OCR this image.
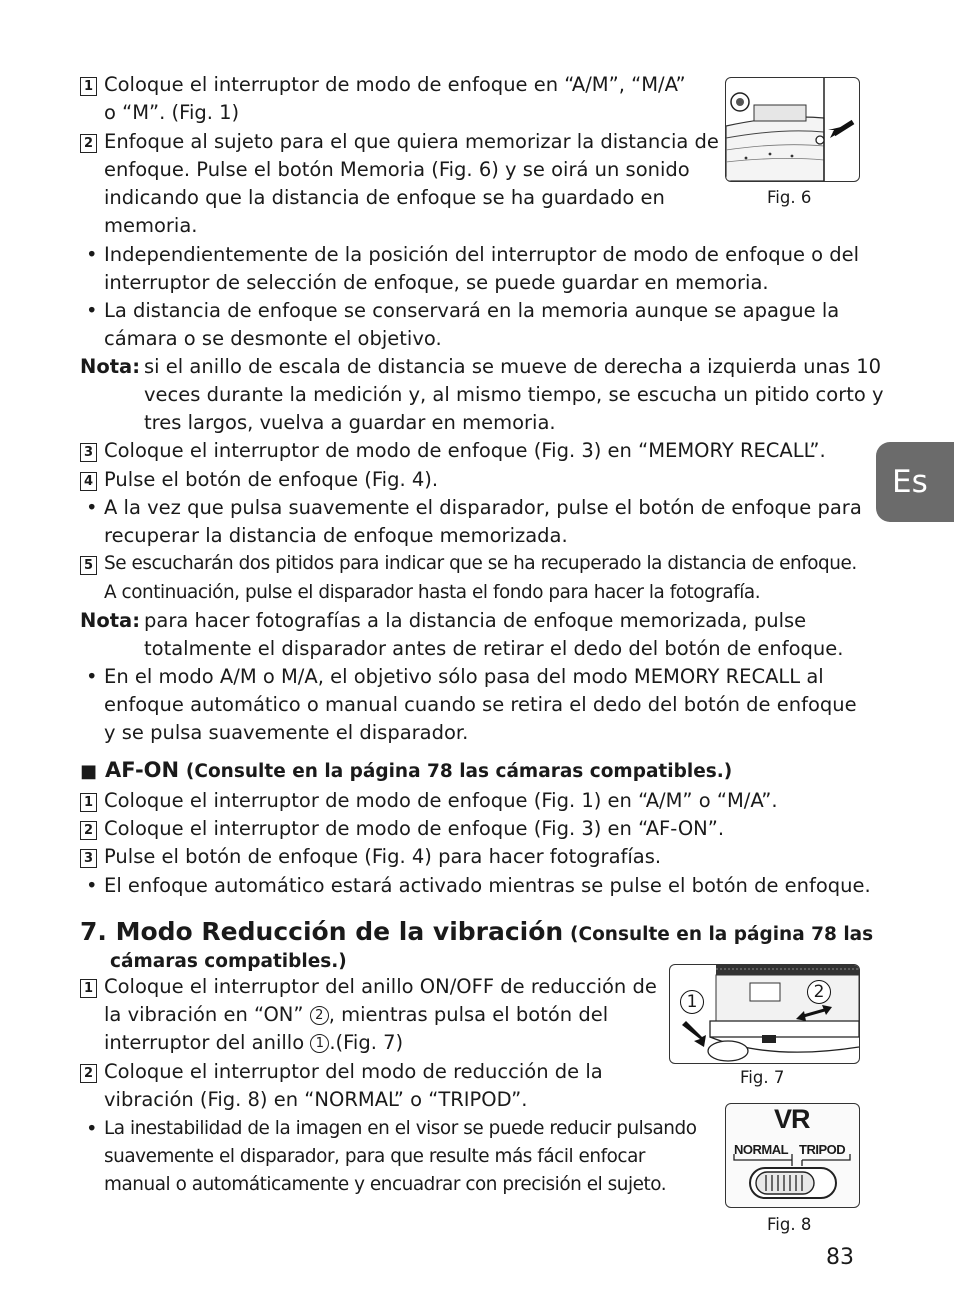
1 Coloque el interruptor de modo de enfoque en “A/M”, “M/A”
o “M”. (Fig. 1)
2 Enfoque al sujeto para el que quiera memorizar la distancia de
enfoque. Pulse el botón Memoria (Fig. 6) y se oirá un sonido
indicando que la distancia de enfoque se ha guardado en
memoria.
• Independientemente de la posición del interruptor de modo de enfoque o del
interruptor de selección de enfoque, se puede guardar en memoria.
• La distancia de enfoque se conservará en la memoria aunque se apague la
cámara o se desmonte el objetivo.
Nota: si el anillo de escala de distancia se mueve de derecha a izquierda unas 10
veces durante la medición y, al mismo tiempo, se escucha un pitido corto y
tres largos, vuelva a guardar en memoria.
3 Coloque el interruptor de modo de enfoque (Fig. 3) en “MEMORY RECALL”.
4 Pulse el botón de enfoque (Fig. 4).
• A la vez que pulsa suavemente el disparador, pulse el botón de enfoque para
recuperar la distancia de enfoque memorizada.
5 Se escucharán dos pitidos para indicar que se ha recuperado la distancia de enfoque.
A continuación, pulse el disparador hasta el fondo para hacer la fotografía.
Nota: para hacer fotografías a la distancia de enfoque memorizada, pulse
totalmente el disparador antes de retirar el dedo del botón de enfoque.
• En el modo A/M o M/A, el objetivo sólo pasa del modo MEMORY RECALL al
enfoque automático o manual cuando se retira el dedo del botón de enfoque
y se pulsa suavemente el disparador.
■ AF-ON (Consulte en la página 78 las cámaras compatibles.)
1 Coloque el interruptor de modo de enfoque (Fig. 1) en “A/M” o “M/A”.
2 Coloque el interruptor de modo de enfoque (Fig. 3) en “AF-ON”.
3 Pulse el botón de enfoque (Fig. 4) para hacer fotografías.
• El enfoque automático estará activado mientras se pulse el botón de enfoque.
7. Modo Reducción de la vibración (Consulte en la página 78 las
cámaras compatibles.)
1 Coloque el interruptor del anillo ON/OFF de reducción de
la vibración en “ON” 2 , mientras pulsa el botón del
interruptor del anillo 1 .(Fig. 7)
2 Coloque el interruptor del modo de reducción de la
vibración (Fig. 8) en “NORMAL” o “TRIPOD”.
• La inestabilidad de la imagen en el visor se puede reducir pulsando
suavemente el disparador, para que resulte más fácil enfocar
manual o automáticamente y encuadrar con precisión el sujeto.
Fig. 6
1	2
Fig. 7
VR
NORMAL TRIPOD
Fig. 8
Es
83
